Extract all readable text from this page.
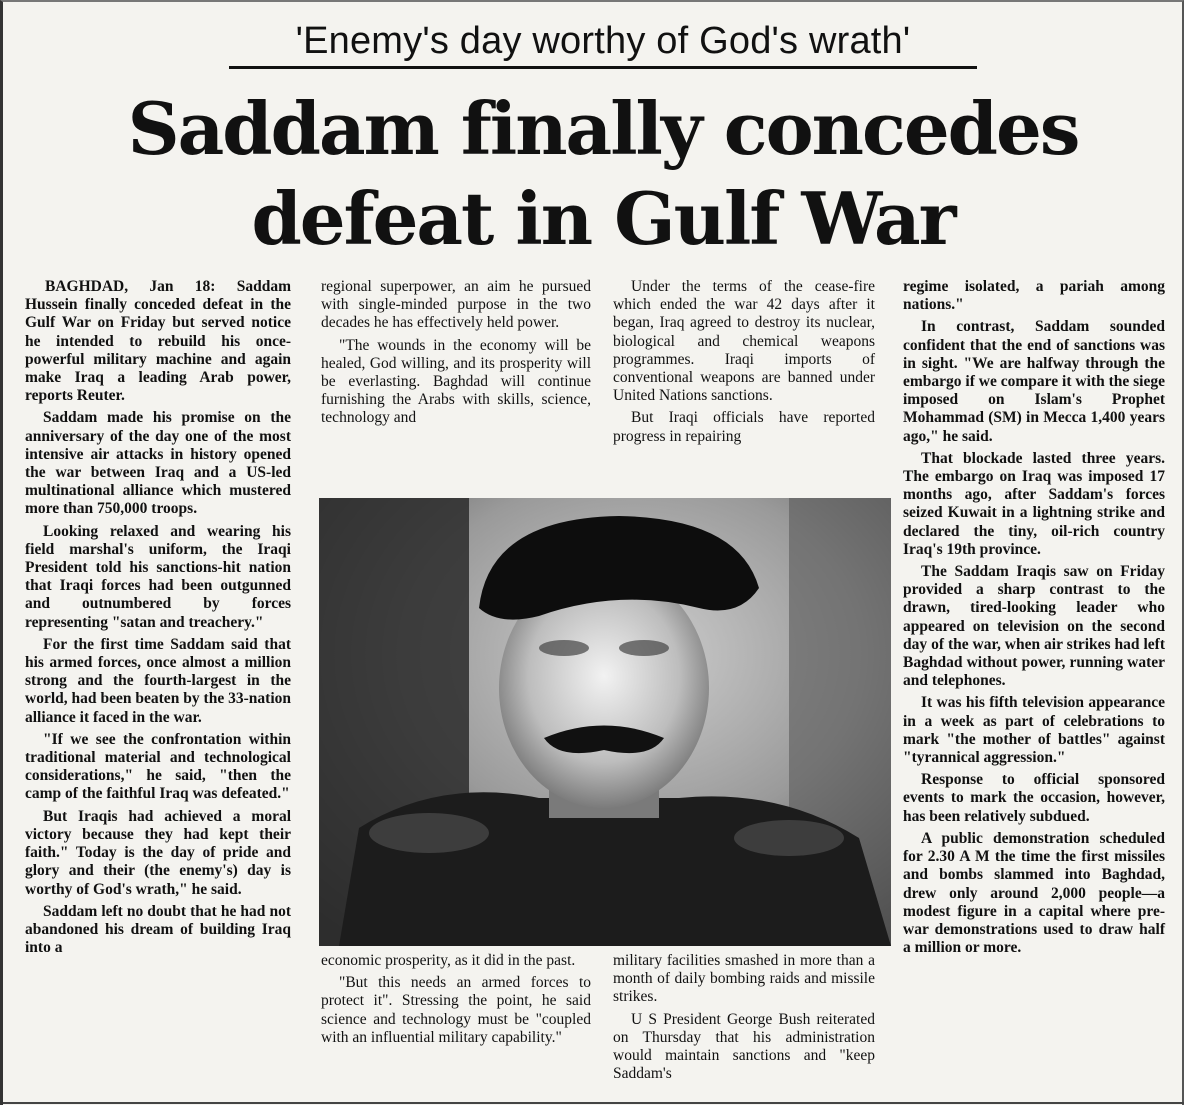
'Enemy's day worthy of God's wrath'
Saddam finally concedes
defeat in Gulf War

BAGHDAD, Jan 18: Saddam Hussein finally conceded defeat in the Gulf War on Friday but served notice he intended to rebuild his once-powerful military machine and again make Iraq a leading Arab power, reports Reuter.

Saddam made his promise on the anniversary of the day one of the most intensive air attacks in history opened the war between Iraq and a US-led multinational alliance which mustered more than 750,000 troops.

Looking relaxed and wearing his field marshal's uniform, the Iraqi President told his sanctions-hit nation that Iraqi forces had been outgunned and outnumbered by forces representing "satan and treachery."

For the first time Saddam said that his armed forces, once almost a million strong and the fourth-largest in the world, had been beaten by the 33-nation alliance it faced in the war.

"If we see the confrontation within traditional material and technological considerations," he said, "then the camp of the faithful Iraq was defeated."

But Iraqis had achieved a moral victory because they had kept their faith." Today is the day of pride and glory and their (the enemy's) day is worthy of God's wrath," he said.

Saddam left no doubt that he had not abandoned his dream of building Iraq into a

regional superpower, an aim he pursued with single-minded purpose in the two decades he has effectively held power.

"The wounds in the economy will be healed, God willing, and its prosperity will be everlasting. Baghdad will continue furnishing the Arabs with skills, science, technology and

Under the terms of the cease-fire which ended the war 42 days after it began, Iraq agreed to destroy its nuclear, biological and chemical weapons programmes. Iraqi imports of conventional weapons are banned under United Nations sanctions.

But Iraqi officials have reported progress in repairing

regime isolated, a pariah among nations."

In contrast, Saddam sounded confident that the end of sanctions was in sight. "We are halfway through the embargo if we compare it with the siege imposed on Islam's Prophet Mohammad (SM) in Mecca 1,400 years ago," he said.

That blockade lasted three years. The embargo on Iraq was imposed 17 months ago, after Saddam's forces seized Kuwait in a lightning strike and declared the tiny, oil-rich country Iraq's 19th province.

The Saddam Iraqis saw on Friday provided a sharp contrast to the drawn, tired-looking leader who appeared on television on the second day of the war, when air strikes had left Baghdad without power, running water and telephones.

It was his fifth television appearance in a week as part of celebrations to mark "the mother of battles" against "tyrannical aggression."

Response to official sponsored events to mark the occasion, however, has been relatively subdued.

A public demonstration scheduled for 2.30 A M the time the first missiles and bombs slammed into Baghdad, drew only around 2,000 people—a modest figure in a capital where pre-war demonstrations used to draw half a million or more.

economic prosperity, as it did in the past.

"But this needs an armed forces to protect it". Stressing the point, he said science and technology must be "coupled with an influential military capability."

military facilities smashed in more than a month of daily bombing raids and missile strikes.

U S President George Bush reiterated on Thursday that his administration would maintain sanctions and "keep Saddam's
